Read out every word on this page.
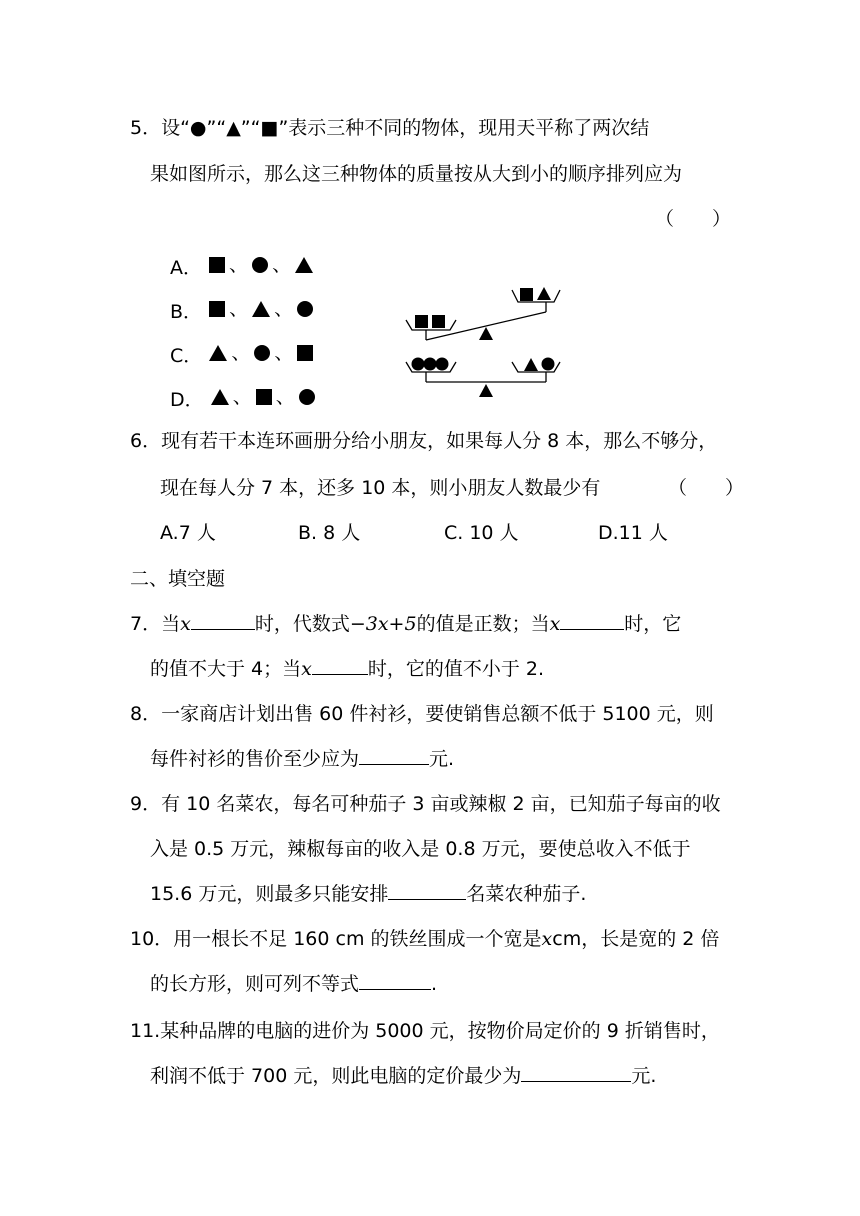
5．设“●”“▲”“■”表示三种不同的物体，现用天平称了两次结
果如图所示，那么这三种物体的质量按从大到小的顺序排列应为
（　　）
A． 、 、
B． 、 、
C． 、 、
D． 、 、
6．现有若干本连环画册分给小朋友，如果每人分 8 本，那么不够分，
现在每人分 7 本，还多 10 本，则小朋友人数最少有	（　　）
A.7 人	B. 8 人	C. 10 人	D.11 人
二、填空题
7．当x	时，代数式−3x+5的值是正数；当x	时，它
的值不大于 4；当x	时，它的值不小于 2.
8．一家商店计划出售 60 件衬衫，要使销售总额不低于 5100 元，则
每件衬衫的售价至少应为	元.
9．有 10 名菜农，每名可种茄子 3 亩或辣椒 2 亩，已知茄子每亩的收
入是 0.5 万元，辣椒每亩的收入是 0.8 万元，要使总收入不低于
15.6 万元，则最多只能安排	名菜农种茄子.
10．用一根长不足 160 cm 的铁丝围成一个宽是xcm，长是宽的 2 倍
的长方形，则可列不等式	.
11.某种品牌的电脑的进价为 5000 元，按物价局定价的 9 折销售时，
利润不低于 700 元，则此电脑的定价最少为	元.
